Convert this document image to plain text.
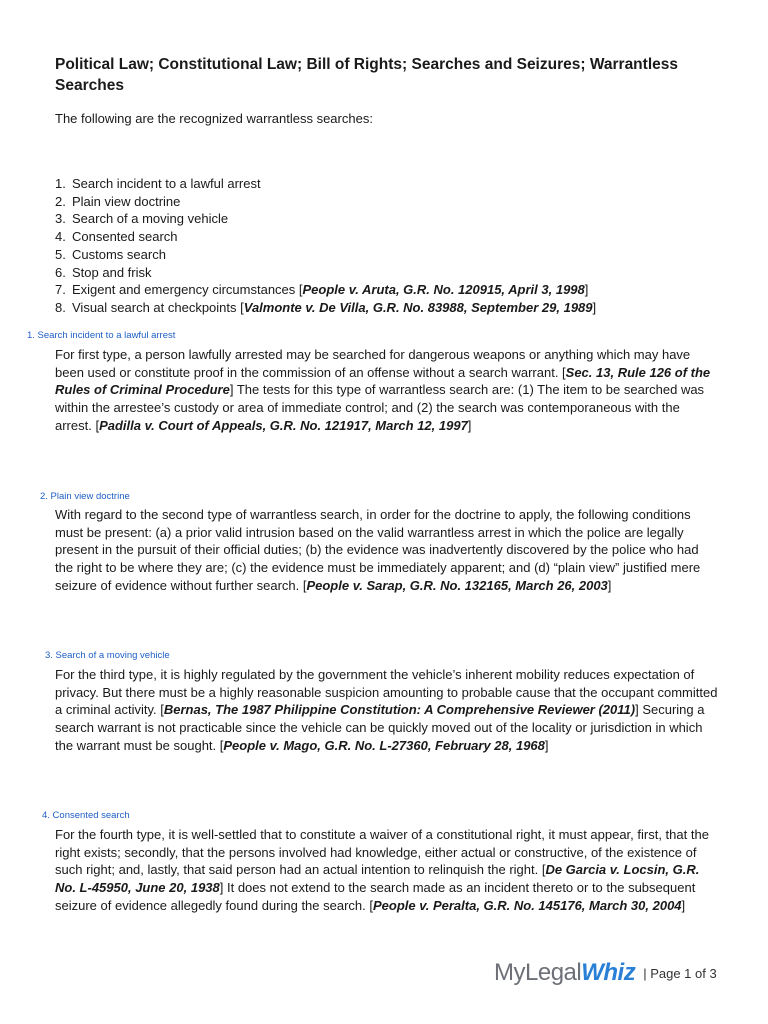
Political Law; Constitutional Law; Bill of Rights; Searches and Seizures; Warrantless Searches
The following are the recognized warrantless searches:
1. Search incident to a lawful arrest
2. Plain view doctrine
3. Search of a moving vehicle
4. Consented search
5. Customs search
6. Stop and frisk
7. Exigent and emergency circumstances [People v. Aruta, G.R. No. 120915, April 3, 1998]
8. Visual search at checkpoints [Valmonte v. De Villa, G.R. No. 83988, September 29, 1989]
1. Search incident to a lawful arrest
For first type, a person lawfully arrested may be searched for dangerous weapons or anything which may have been used or constitute proof in the commission of an offense without a search warrant. [Sec. 13, Rule 126 of the Rules of Criminal Procedure] The tests for this type of warrantless search are: (1) The item to be searched was within the arrestee’s custody or area of immediate control; and (2) the search was contemporaneous with the arrest. [Padilla v. Court of Appeals, G.R. No. 121917, March 12, 1997]
2. Plain view doctrine
With regard to the second type of warrantless search, in order for the doctrine to apply, the following conditions must be present: (a) a prior valid intrusion based on the valid warrantless arrest in which the police are legally present in the pursuit of their official duties; (b) the evidence was inadvertently discovered by the police who had the right to be where they are; (c) the evidence must be immediately apparent; and (d) “plain view” justified mere seizure of evidence without further search. [People v. Sarap, G.R. No. 132165, March 26, 2003]
3. Search of a moving vehicle
For the third type, it is highly regulated by the government the vehicle’s inherent mobility reduces expectation of privacy. But there must be a highly reasonable suspicion amounting to probable cause that the occupant committed a criminal activity. [Bernas, The 1987 Philippine Constitution: A Comprehensive Reviewer (2011)] Securing a search warrant is not practicable since the vehicle can be quickly moved out of the locality or jurisdiction in which the warrant must be sought. [People v. Mago, G.R. No. L-27360, February 28, 1968]
4. Consented search
For the fourth type, it is well-settled that to constitute a waiver of a constitutional right, it must appear, first, that the right exists; secondly, that the persons involved had knowledge, either actual or constructive, of the existence of such right; and, lastly, that said person had an actual intention to relinquish the right. [De Garcia v. Locsin, G.R. No. L-45950, June 20, 1938] It does not extend to the search made as an incident thereto or to the subsequent seizure of evidence allegedly found during the search. [People v. Peralta, G.R. No. 145176, March 30, 2004]
MyLegalWhiz | Page 1 of 3
